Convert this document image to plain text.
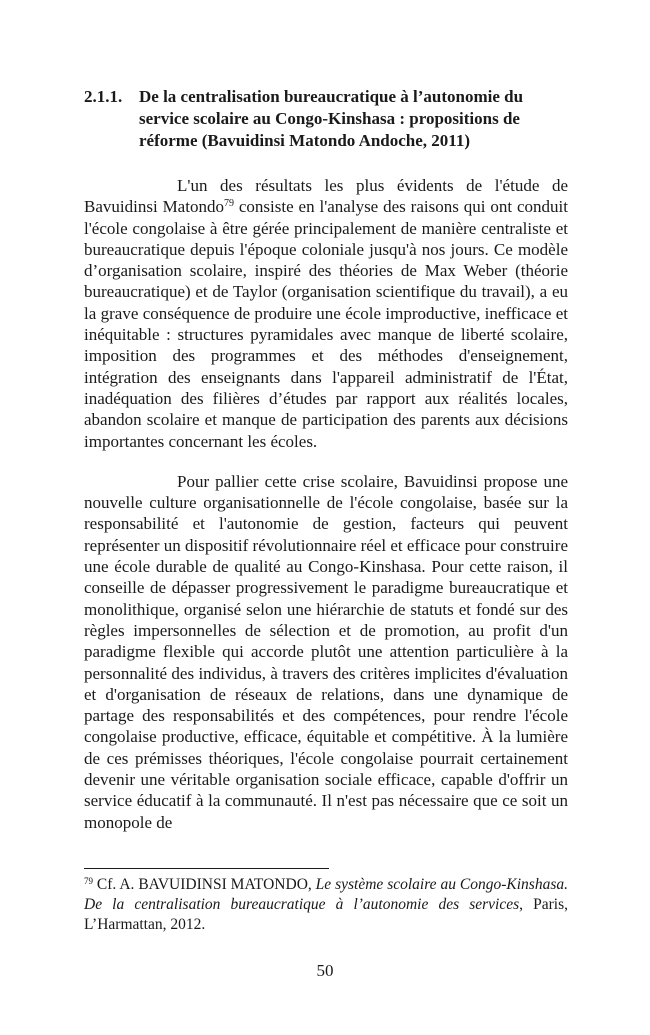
2.1.1. De la centralisation bureaucratique à l’autonomie du service scolaire au Congo-Kinshasa : propositions de réforme (Bavuidinsi Matondo Andoche, 2011)

L'un des résultats les plus évidents de l'étude de Bavuidinsi Matondo$^{79}$ consiste en l'analyse des raisons qui ont conduit l'école congolaise à être gérée principalement de manière centraliste et bureaucratique depuis l'époque coloniale jusqu'à nos jours. Ce modèle d’organisation scolaire, inspiré des théories de Max Weber (théorie bureaucratique) et de Taylor (organisation scientifique du travail), a eu la grave conséquence de produire une école improductive, inefficace et inéquitable : structures pyramidales avec manque de liberté scolaire, imposition des programmes et des méthodes d'enseignement, intégration des enseignants dans l'appareil administratif de l'État, inadéquation des filières d’études par rapport aux réalités locales, abandon scolaire et manque de participation des parents aux décisions importantes concernant les écoles.

Pour pallier cette crise scolaire, Bavuidinsi propose une nouvelle culture organisationnelle de l'école congolaise, basée sur la responsabilité et l'autonomie de gestion, facteurs qui peuvent représenter un dispositif révolutionnaire réel et efficace pour construire une école durable de qualité au Congo-Kinshasa. Pour cette raison, il conseille de dépasser progressivement le paradigme bureaucratique et monolithique, organisé selon une hiérarchie de statuts et fondé sur des règles impersonnelles de sélection et de promotion, au profit d'un paradigme flexible qui accorde plutôt une attention particulière à la personnalité des individus, à travers des critères implicites d'évaluation et d'organisation de réseaux de relations, dans une dynamique de partage des responsabilités et des compétences, pour rendre l'école congolaise productive, efficace, équitable et compétitive. À la lumière de ces prémisses théoriques, l'école congolaise pourrait certainement devenir une véritable organisation sociale efficace, capable d'offrir un service éducatif à la communauté. Il n'est pas nécessaire que ce soit un monopole de

$^{79}$ Cf. A. BAVUIDINSI MATONDO, Le système scolaire au Congo-Kinshasa. De la centralisation bureaucratique à l’autonomie des services, Paris, L’Harmattan, 2012.
50
